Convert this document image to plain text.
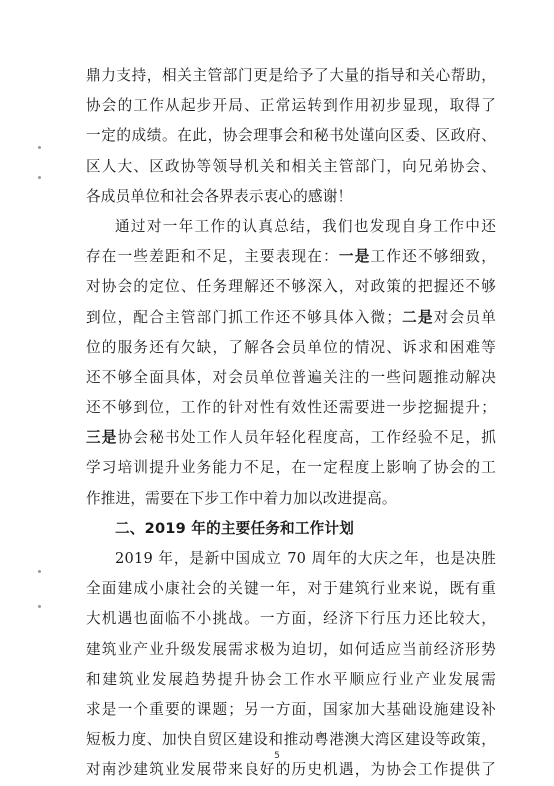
鼎力支持，相关主管部门更是给予了大量的指导和关心帮助，
协会的工作从起步开局、正常运转到作用初步显现，取得了
一定的成绩。在此，协会理事会和秘书处谨向区委、区政府、
区人大、区政协等领导机关和相关主管部门，向兄弟协会、
各成员单位和社会各界表示衷心的感谢！
通过对一年工作的认真总结，我们也发现自身工作中还
存在一些差距和不足，主要表现在：一是工作还不够细致，
对协会的定位、任务理解还不够深入，对政策的把握还不够
到位，配合主管部门抓工作还不够具体入微；二是对会员单
位的服务还有欠缺，了解各会员单位的情况、诉求和困难等
还不够全面具体，对会员单位普遍关注的一些问题推动解决
还不够到位，工作的针对性有效性还需要进一步挖掘提升；
三是协会秘书处工作人员年轻化程度高，工作经验不足，抓
学习培训提升业务能力不足，在一定程度上影响了协会的工
作推进，需要在下步工作中着力加以改进提高。
二、2019 年的主要任务和工作计划
2019 年，是新中国成立 70 周年的大庆之年，也是决胜
全面建成小康社会的关键一年，对于建筑行业来说，既有重
大机遇也面临不小挑战。一方面，经济下行压力还比较大，
建筑业产业升级发展需求极为迫切，如何适应当前经济形势
和建筑业发展趋势提升协会工作水平顺应行业产业发展需
求是一个重要的课题；另一方面，国家加大基础设施建设补
短板力度、加快自贸区建设和推动粤港澳大湾区建设等政策，
对南沙建筑业发展带来良好的历史机遇，为协会工作提供了
5
